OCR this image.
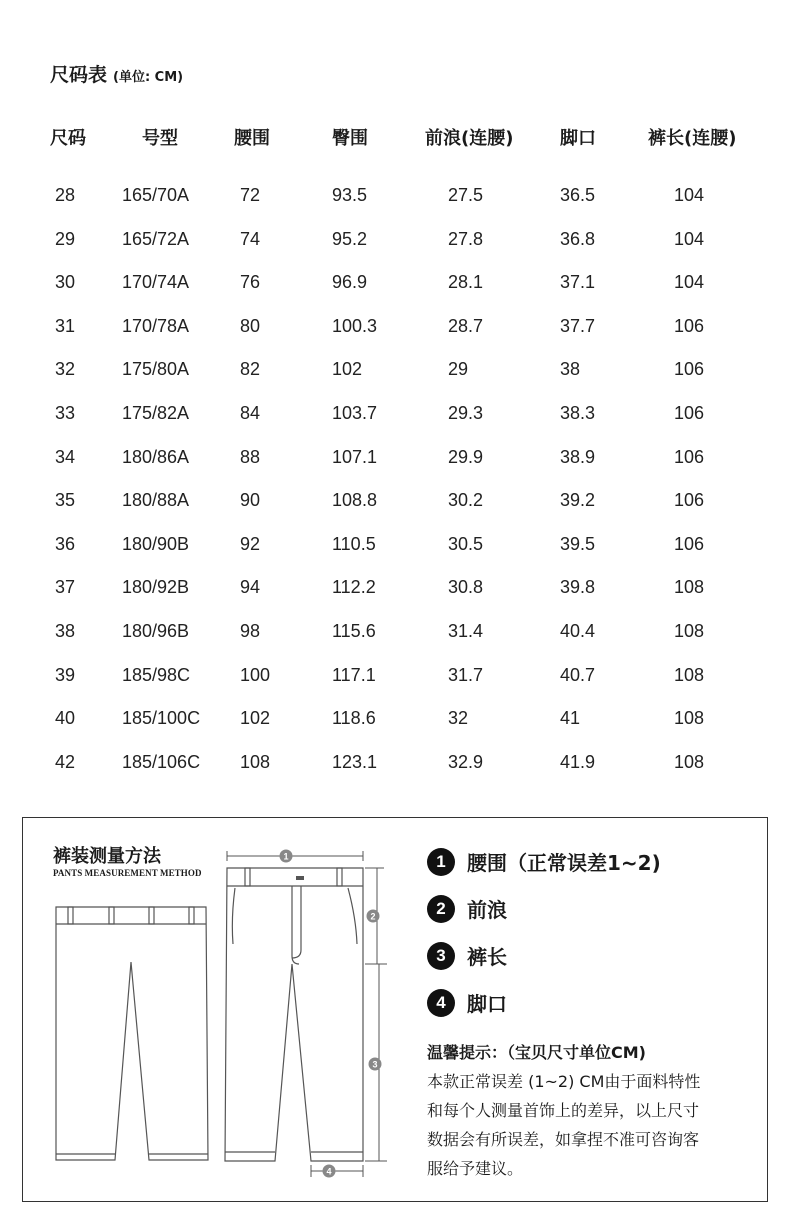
尺码表 (单位: CM)
尺码	号型	腰围	臀围	前浪(连腰)	脚口	裤长(连腰)
28	165/70A	72	93.5	27.5	36.5	104
29	165/72A	74	95.2	27.8	36.8	104
30	170/74A	76	96.9	28.1	37.1	104
31	170/78A	80	100.3	28.7	37.7	106
32	175/80A	82	102	29	38	106
33	175/82A	84	103.7	29.3	38.3	106
34	180/86A	88	107.1	29.9	38.9	106
35	180/88A	90	108.8	30.2	39.2	106
36	180/90B	92	110.5	30.5	39.5	106
37	180/92B	94	112.2	30.8	39.8	108
38	180/96B	98	115.6	31.4	40.4	108
39	185/98C	100	117.1	31.7	40.7	108
40	185/100C 102	118.6	32	41	108
42	185/106C 108	123.1	32.9	41.9	108
裤装测量方法
PANTS MEASUREMENT METHOD
1
2
3
4
1	腰围（正常误差1~2)
2	前浪
3	裤长
4	脚口
温馨提示：（宝贝尺寸单位CM)
本款正常误差 (1~2) CM由于面料特性
和每个人测量首饰上的差异，以上尺寸
数据会有所误差，如拿捏不准可咨询客
服给予建议。
